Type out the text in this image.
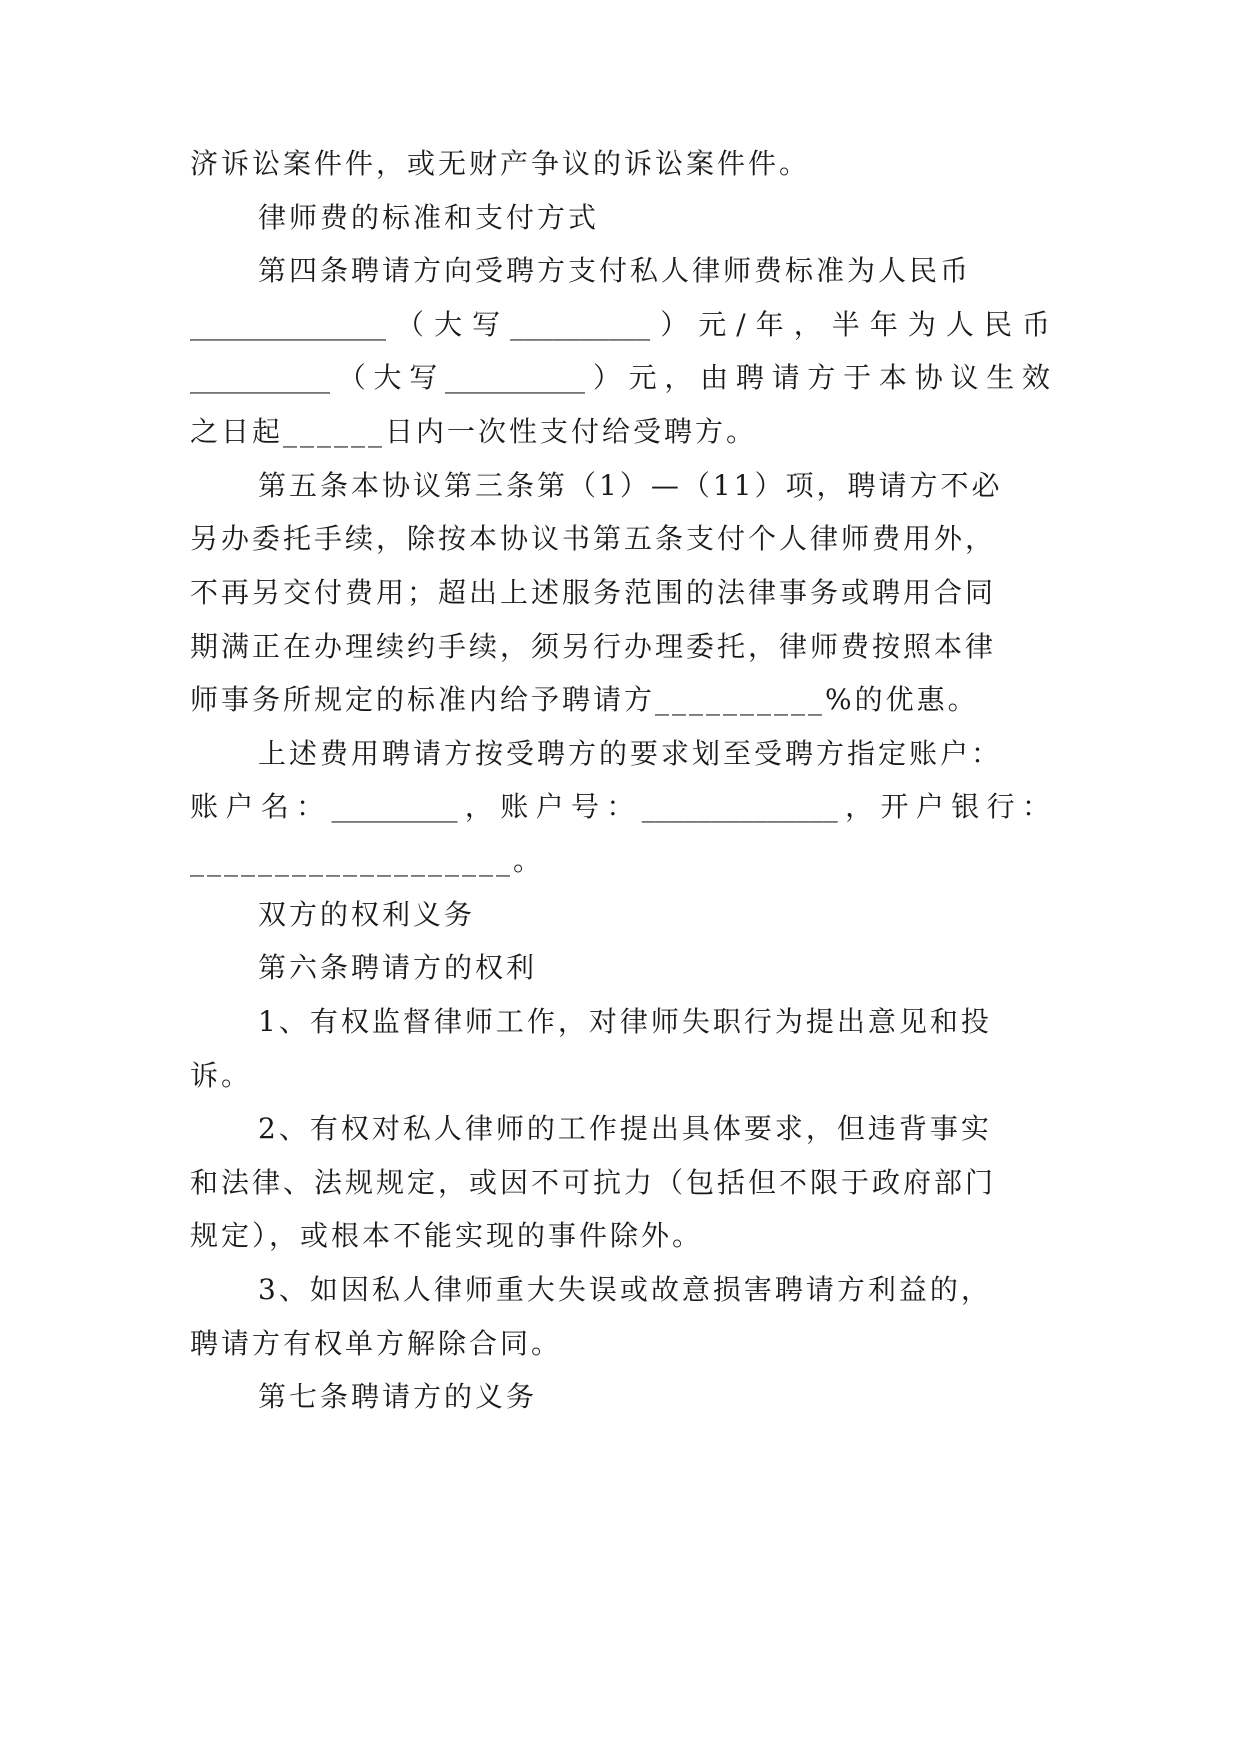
济诉讼案件件，或无财产争议的诉讼案件件。
律师费的标准和支付方式
第四条聘请方向受聘方支付私人律师费标准为人民币
______________（大写__________）元/年，半年为人民币
__________（大写__________）元，由聘请方于本协议生效
之日起______日内一次性支付给受聘方。
第五条本协议第三条第（1）—（11）项，聘请方不必
另办委托手续，除按本协议书第五条支付个人律师费用外，
不再另交付费用；超出上述服务范围的法律事务或聘用合同
期满正在办理续约手续，须另行办理委托，律师费按照本律
师事务所规定的标准内给予聘请方__________%的优惠。
上述费用聘请方按受聘方的要求划至受聘方指定账户：
账户名：_________，账户号：______________，开户银行：
___________________。
双方的权利义务
第六条聘请方的权利
1、有权监督律师工作，对律师失职行为提出意见和投
诉。
2、有权对私人律师的工作提出具体要求，但违背事实
和法律、法规规定，或因不可抗力（包括但不限于政府部门
规定），或根本不能实现的事件除外。
3、如因私人律师重大失误或故意损害聘请方利益的，
聘请方有权单方解除合同。
第七条聘请方的义务
